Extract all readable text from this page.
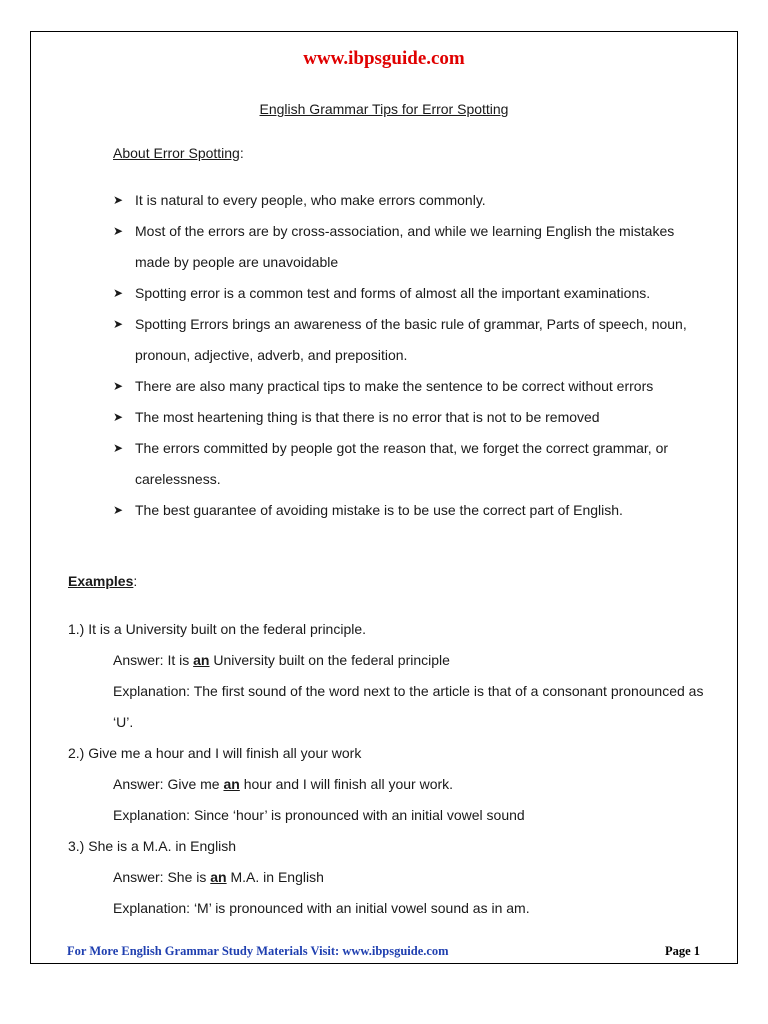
www.ibpsguide.com
English Grammar Tips for Error Spotting
About Error Spotting:
➤ It is natural to every people, who make errors commonly.
➤ Most of the errors are by cross-association, and while we learning English the mistakes made by people are unavoidable
➤ Spotting error is a common test and forms of almost all the important examinations.
➤ Spotting Errors brings an awareness of the basic rule of grammar, Parts of speech, noun, pronoun, adjective, adverb, and preposition.
➤ There are also many practical tips to make the sentence to be correct without errors
➤ The most heartening thing is that there is no error that is not to be removed
➤ The errors committed by people got the reason that, we forget the correct grammar, or carelessness.
➤ The best guarantee of avoiding mistake is to be use the correct part of English.
Examples:
1.) It is a University built on the federal principle.
Answer: It is an University built on the federal principle
Explanation: The first sound of the word next to the article is that of a consonant pronounced as ‘U’.
2.) Give me a hour and I will finish all your work
Answer: Give me an hour and I will finish all your work.
Explanation: Since ‘hour’ is pronounced with an initial vowel sound
3.) She is a M.A. in English
Answer: She is an M.A. in English
Explanation: ‘M’ is pronounced with an initial vowel sound as in am.
For More English Grammar Study Materials Visit: www.ibpsguide.com	Page 1
